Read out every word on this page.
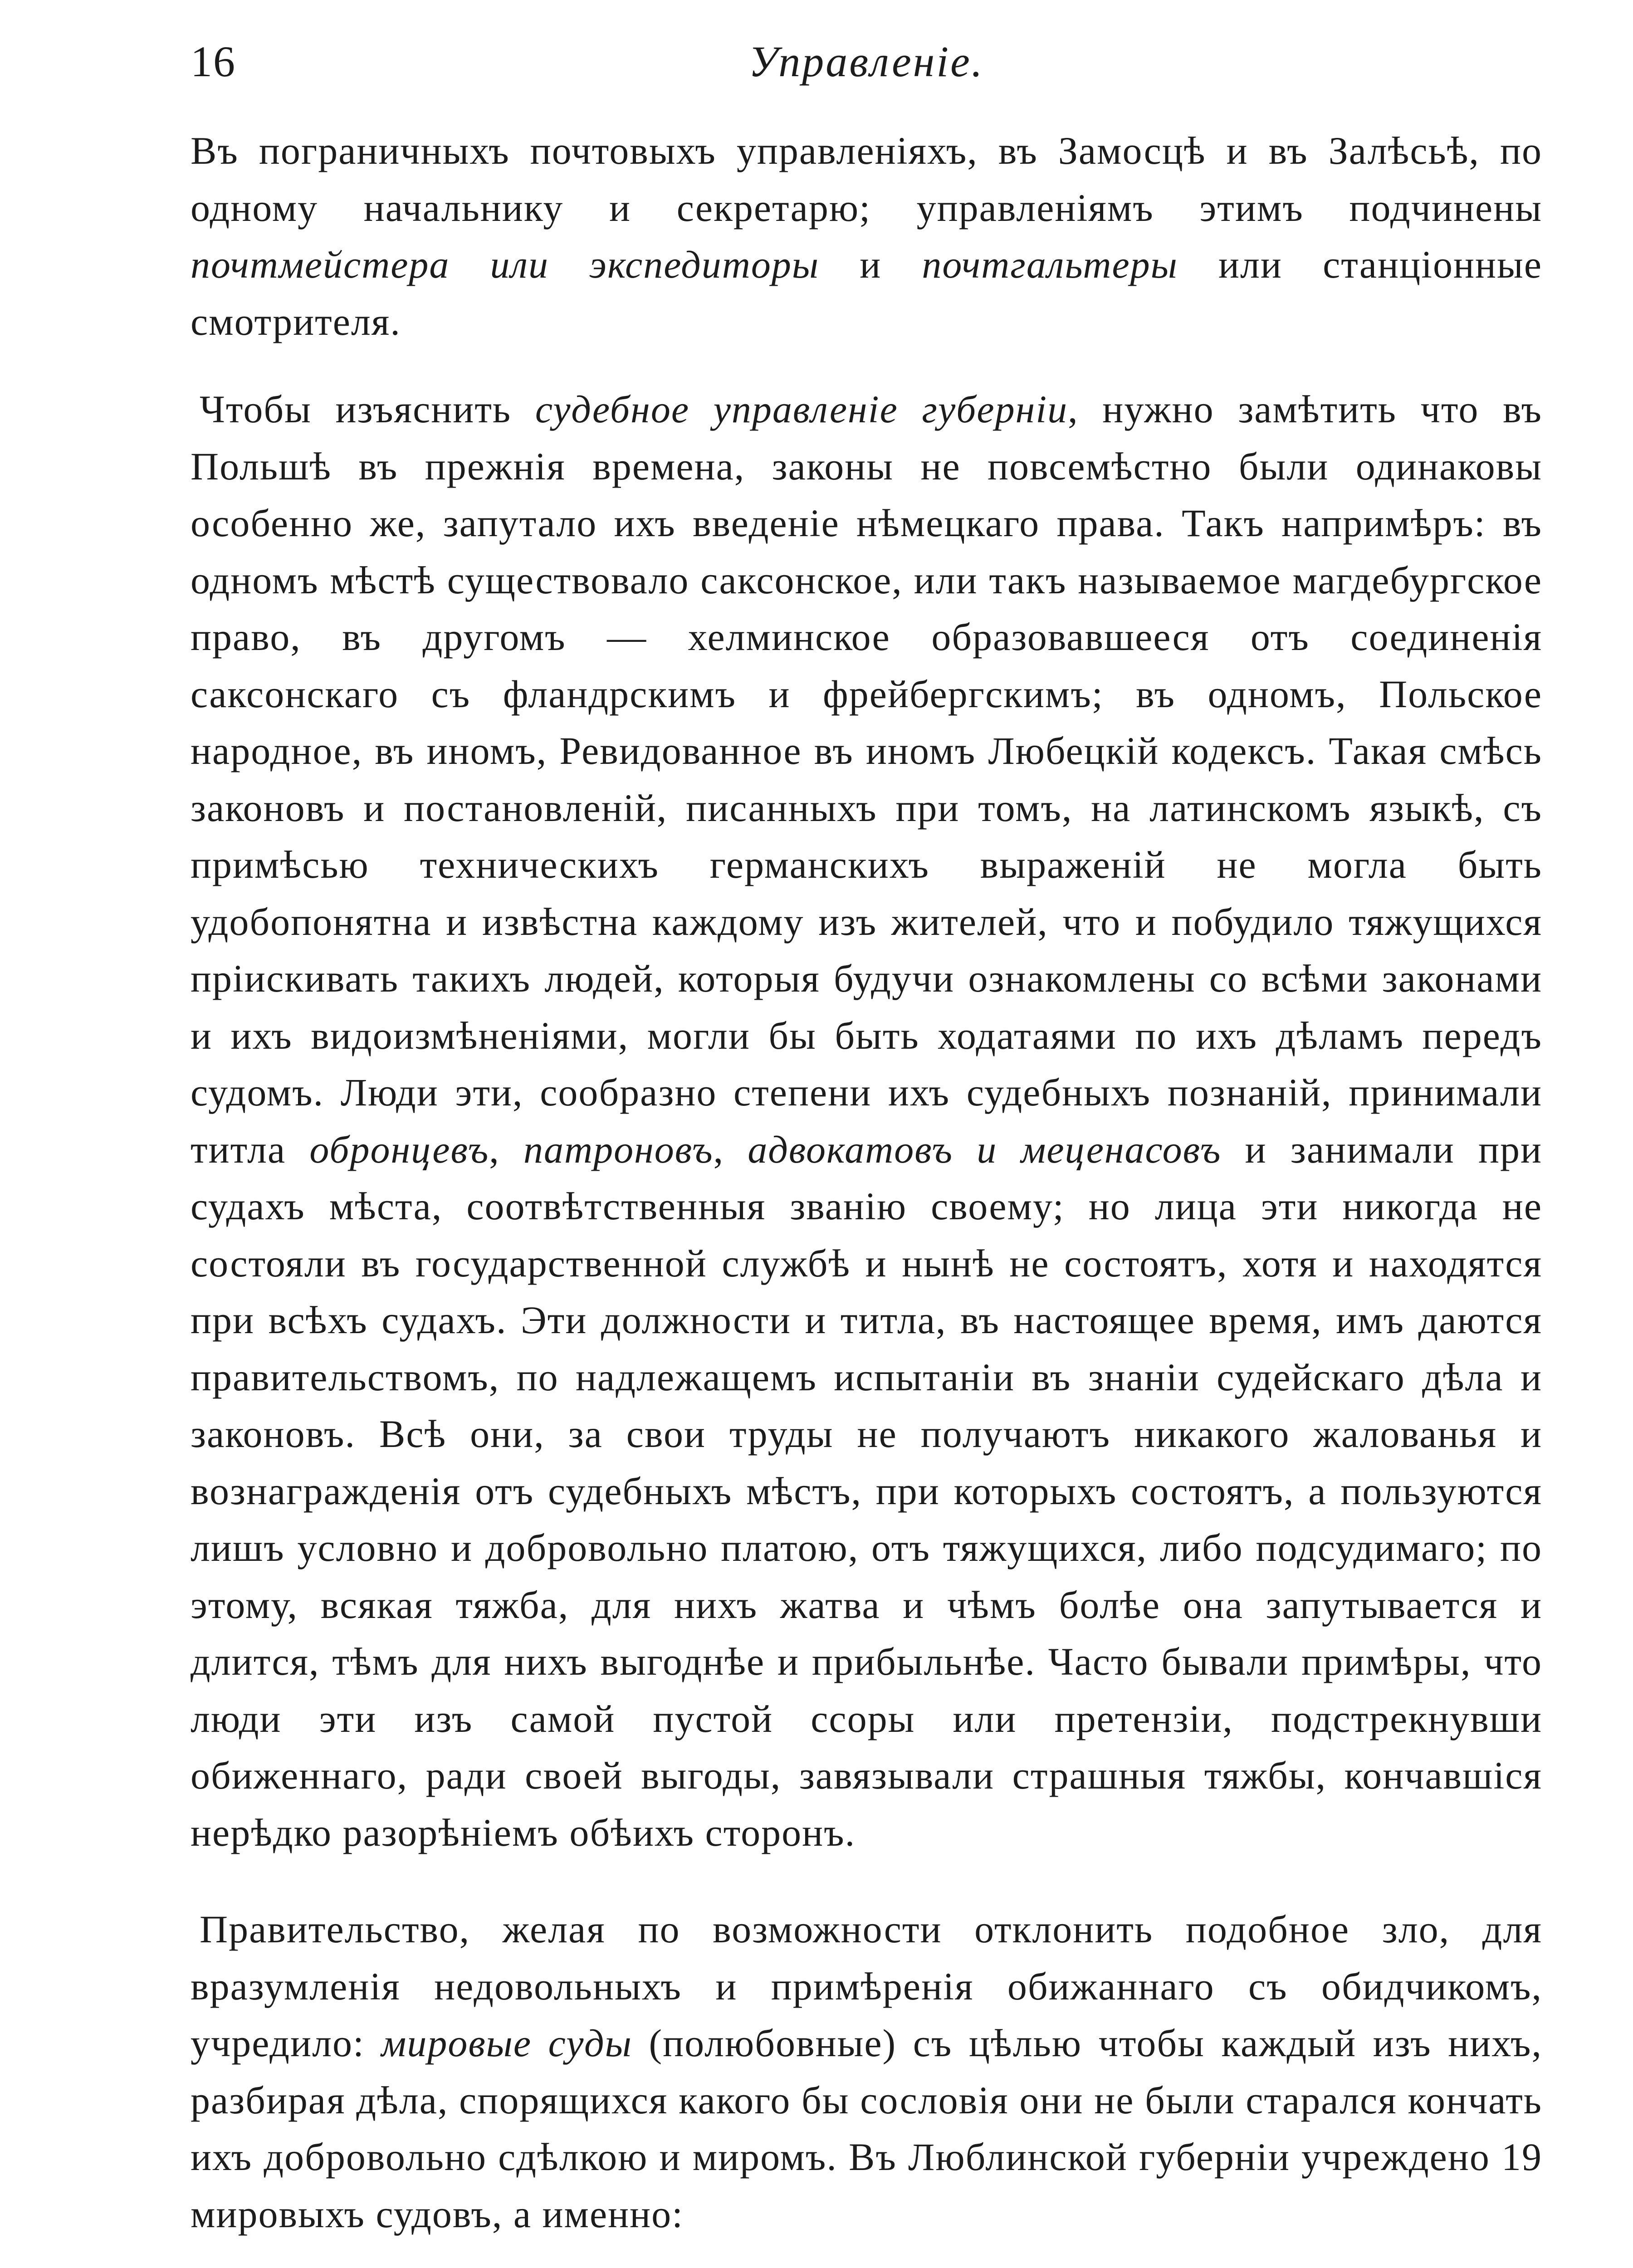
16	Управленіе.

Въ пограничныхъ почтовыхъ управленіяхъ, въ Замосцѣ и въ Залѣсьѣ, по одному начальнику и секретарю; управленіямъ этимъ подчинены почтмейстера или экспедиторы и почтгальтеры или станціонные смотрителя.

Чтобы изъяснить судебное управленіе губерніи, нужно замѣтить что въ Польшѣ въ прежнія времена, законы не повсемѣстно были одинаковы особенно же, запутало ихъ введеніе нѣмецкаго права. Такъ напримѣръ: въ одномъ мѣстѣ существовало саксонское, или такъ называемое магдебургское право, въ другомъ — хелминское образовавшееся отъ соединенія саксонскаго съ фландрскимъ и фрейбергскимъ; въ одномъ, Польское народное, въ иномъ, Ревидованное въ иномъ Любецкій кодексъ. Такая смѣсь законовъ и постановленій, писанныхъ при томъ, на латинскомъ языкѣ, съ примѣсью техническихъ германскихъ выраженій не могла быть удобопонятна и извѣстна каждому изъ жителей, что и побудило тяжущихся пріискивать такихъ людей, которыя будучи ознакомлены со всѣми законами и ихъ видоизмѣненіями, могли бы быть ходатаями по ихъ дѣламъ передъ судомъ. Люди эти, сообразно степени ихъ судебныхъ познаній, принимали титла обронцевъ, патроновъ, адвокатовъ и меценасовъ и занимали при судахъ мѣста, соотвѣтственныя званію своему; но лица эти никогда не состояли въ государственной службѣ и нынѣ не состоятъ, хотя и находятся при всѣхъ судахъ. Эти должности и титла, въ настоящее время, имъ даются правительствомъ, по надлежащемъ испытаніи въ знаніи судейскаго дѣла и законовъ. Всѣ они, за свои труды не получаютъ никакого жалованья и вознагражденія отъ судебныхъ мѣстъ, при которыхъ состоятъ, а пользуются лишъ условно и добровольно платою, отъ тяжущихся, либо подсудимаго; по этому, всякая тяжба, для нихъ жатва и чѣмъ болѣе она запутывается и длится, тѣмъ для нихъ выгоднѣе и прибыльнѣе. Часто бывали примѣры, что люди эти изъ самой пустой ссоры или претензіи, подстрекнувши обиженнаго, ради своей выгоды, завязывали страшныя тяжбы, кончавшіся нерѣдко разорѣніемъ обѣихъ сторонъ.

Правительство, желая по возможности отклонить подобное зло, для вразумленія недовольныхъ и примѣренія обижаннаго съ обидчикомъ, учредило: мировые суды (полюбовные) съ цѣлью чтобы каждый изъ нихъ, разбирая дѣла, спорящихся какого бы сословія они не были старался кончать ихъ добровольно сдѣлкою и миромъ. Въ Люблинской губерніи учреждено 19 мировыхъ судовъ, а именно:
